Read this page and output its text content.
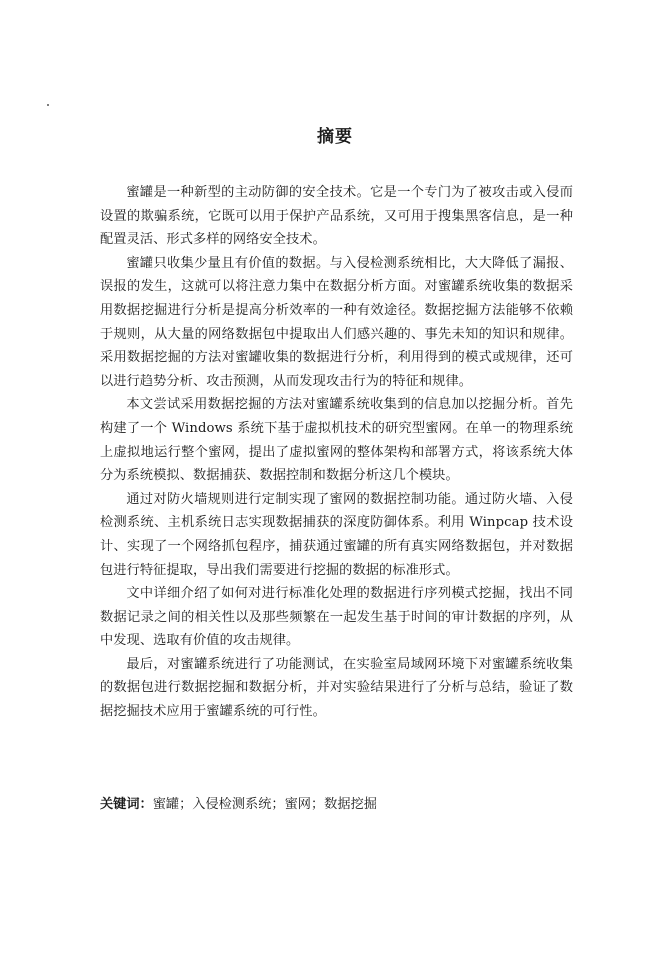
摘要

蜜罐是一种新型的主动防御的安全技术。它是一个专门为了被攻击或入侵而设置的欺骗系统，它既可以用于保护产品系统，又可用于搜集黑客信息，是一种配置灵活、形式多样的网络安全技术。

蜜罐只收集少量且有价值的数据。与入侵检测系统相比，大大降低了漏报、误报的发生，这就可以将注意力集中在数据分析方面。对蜜罐系统收集的数据采用数据挖掘进行分析是提高分析效率的一种有效途径。数据挖掘方法能够不依赖于规则，从大量的网络数据包中提取出人们感兴趣的、事先未知的知识和规律。采用数据挖掘的方法对蜜罐收集的数据进行分析，利用得到的模式或规律，还可以进行趋势分析、攻击预测，从而发现攻击行为的特征和规律。

本文尝试采用数据挖掘的方法对蜜罐系统收集到的信息加以挖掘分析。首先构建了一个 Windows 系统下基于虚拟机技术的研究型蜜网。在单一的物理系统上虚拟地运行整个蜜网，提出了虚拟蜜网的整体架构和部署方式，将该系统大体分为系统模拟、数据捕获、数据控制和数据分析这几个模块。

通过对防火墙规则进行定制实现了蜜网的数据控制功能。通过防火墙、入侵检测系统、主机系统日志实现数据捕获的深度防御体系。利用 Winpcap 技术设计、实现了一个网络抓包程序，捕获通过蜜罐的所有真实网络数据包，并对数据包进行特征提取，导出我们需要进行挖掘的数据的标准形式。

文中详细介绍了如何对进行标准化处理的数据进行序列模式挖掘，找出不同数据记录之间的相关性以及那些频繁在一起发生基于时间的审计数据的序列，从中发现、选取有价值的攻击规律。

最后，对蜜罐系统进行了功能测试，在实验室局域网环境下对蜜罐系统收集的数据包进行数据挖掘和数据分析，并对实验结果进行了分析与总结，验证了数据挖掘技术应用于蜜罐系统的可行性。

关键词：蜜罐；入侵检测系统；蜜网；数据挖掘
